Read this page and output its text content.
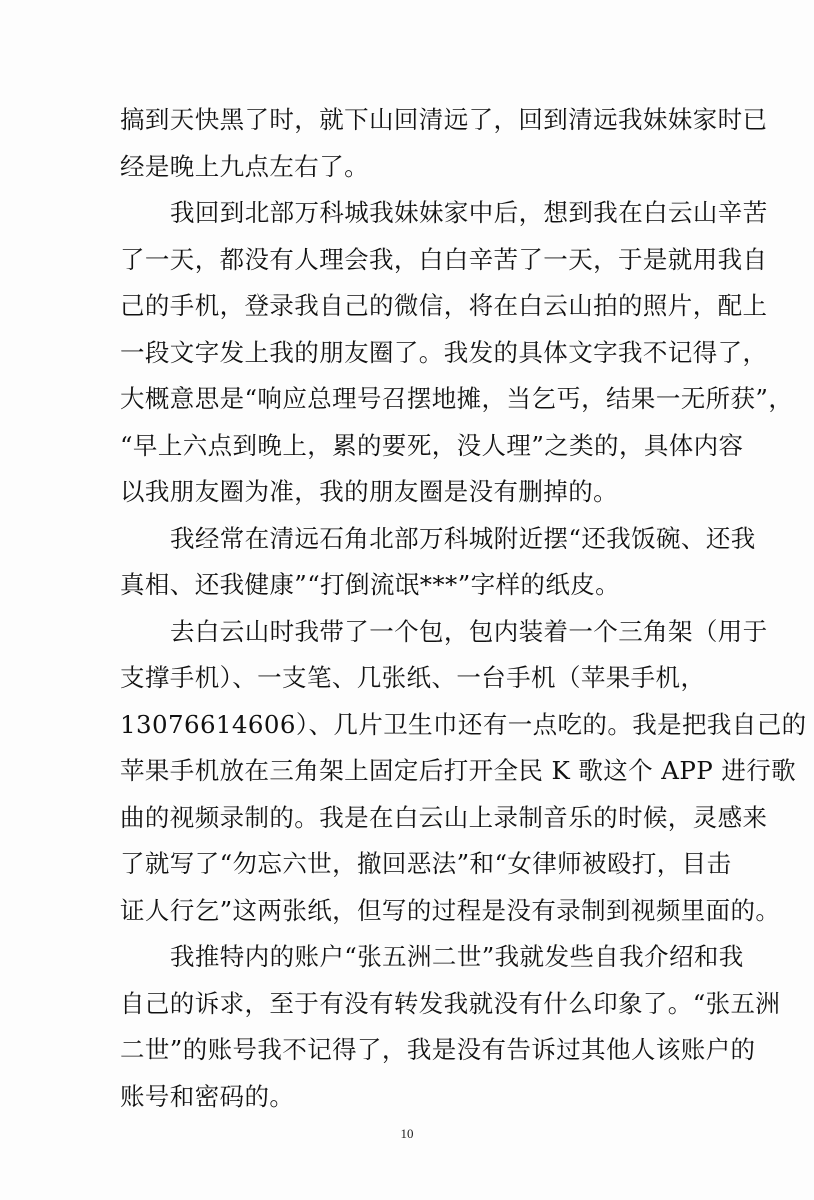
搞到天快黑了时，就下山回清远了，回到清远我妹妹家时已
经是晚上九点左右了。
我回到北部万科城我妹妹家中后，想到我在白云山辛苦
了一天，都没有人理会我，白白辛苦了一天，于是就用我自
己的手机，登录我自己的微信，将在白云山拍的照片，配上
一段文字发上我的朋友圈了。我发的具体文字我不记得了，
大概意思是“响应总理号召摆地摊，当乞丐，结果一无所获”，
“早上六点到晚上，累的要死，没人理”之类的，具体内容
以我朋友圈为准，我的朋友圈是没有删掉的。
我经常在清远石角北部万科城附近摆“还我饭碗、还我
真相、还我健康”“打倒流氓***”字样的纸皮。
去白云山时我带了一个包，包内装着一个三角架（用于
支撑手机）、一支笔、几张纸、一台手机（苹果手机，
13076614606）、几片卫生巾还有一点吃的。我是把我自己的
苹果手机放在三角架上固定后打开全民 K 歌这个 APP 进行歌
曲的视频录制的。我是在白云山上录制音乐的时候，灵感来
了就写了“勿忘六世，撤回恶法”和“女律师被殴打，目击
证人行乞”这两张纸，但写的过程是没有录制到视频里面的。
我推特内的账户“张五洲二世”我就发些自我介绍和我
自己的诉求，至于有没有转发我就没有什么印象了。“张五洲
二世”的账号我不记得了，我是没有告诉过其他人该账户的
账号和密码的。
10
